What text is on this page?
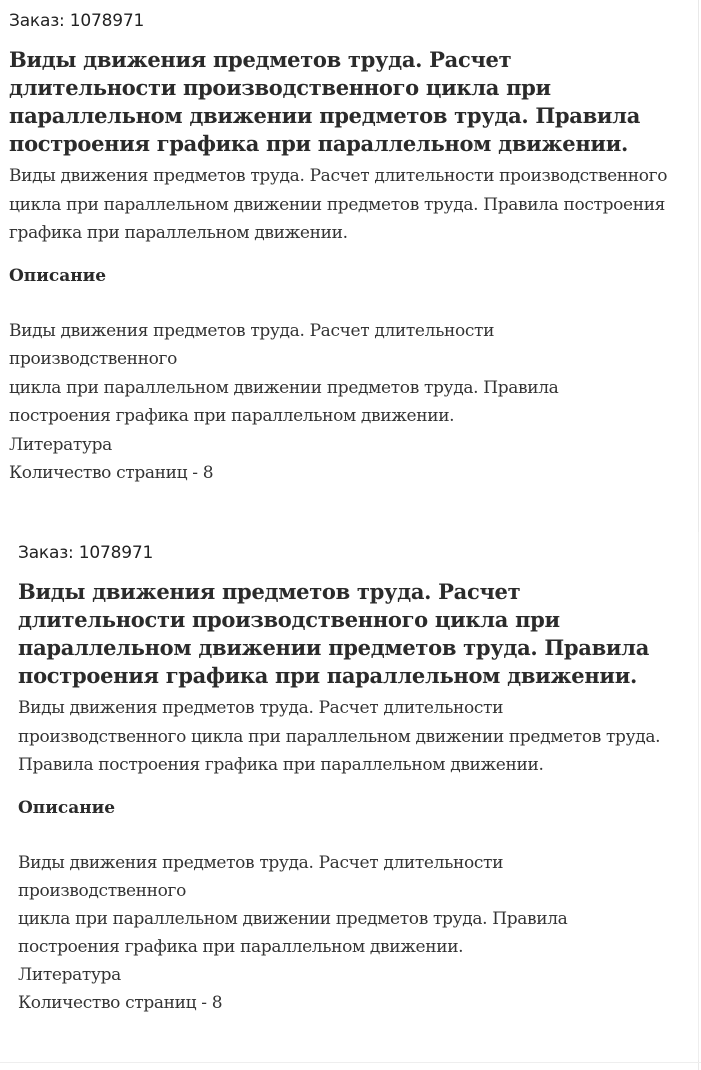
Заказ: 1078971

Виды движения предметов труда. Расчет длительности производственного цикла при параллельном движении предметов труда. Правила построения графика при параллельном движении.

Виды движения предметов труда. Расчет длительности производственного цикла при параллельном движении предметов труда. Правила построения графика при параллельном движении.

Описание

Виды движения предметов труда. Расчет длительности

производственного

цикла при параллельном движении предметов труда. Правила

построения графика при параллельном движении.

Литература

Количество страниц - 8

Заказ: 1078971

Виды движения предметов труда. Расчет длительности производственного цикла при параллельном движении предметов труда. Правила построения графика при параллельном движении.

Виды движения предметов труда. Расчет длительности производственного цикла при параллельном движении предметов труда. Правила построения графика при параллельном движении.

Описание

Виды движения предметов труда. Расчет длительности

производственного

цикла при параллельном движении предметов труда. Правила

построения графика при параллельном движении.

Литература

Количество страниц - 8
